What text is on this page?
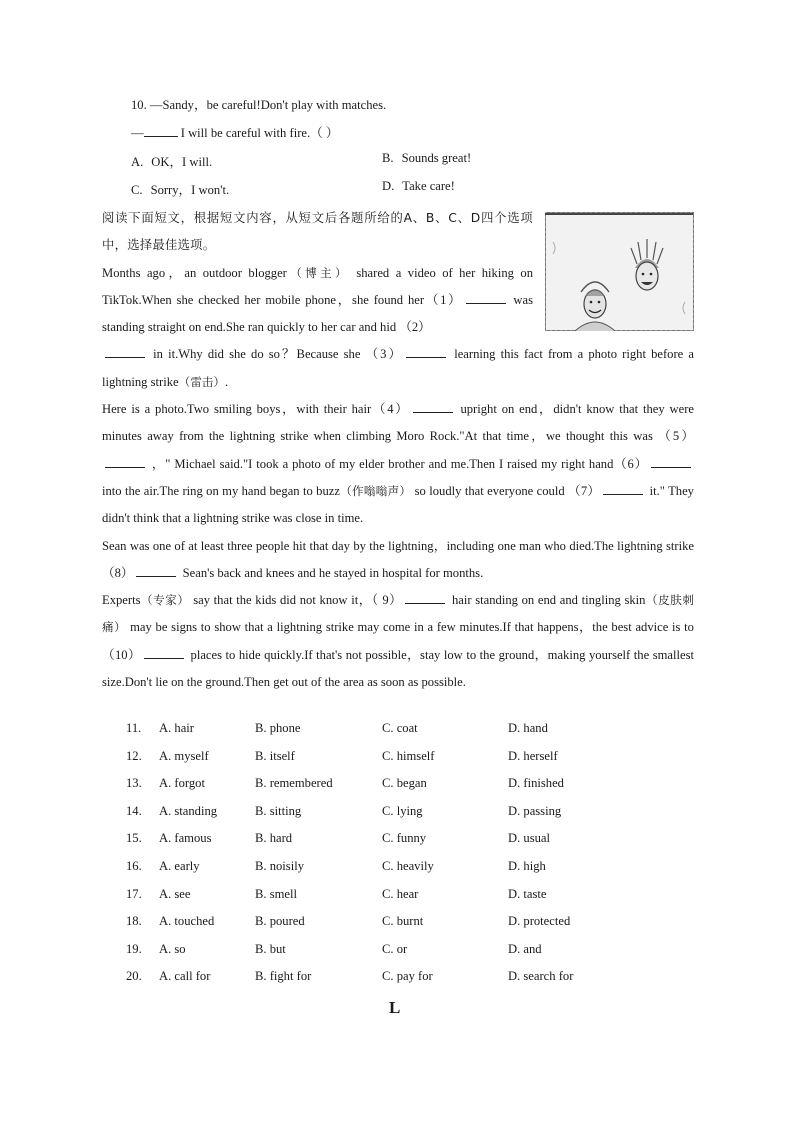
10. —Sandy，be careful!Don't play with matches.
—	I will be careful with fire.（ ）
A. OK，I will.	B. Sounds great!
C. Sorry，I won't.	D. Take care!

阅读下面短文，根据短文内容，从短文后各题所给的A、B、C、D四个选项中，选择最佳选项。

Months ago，an outdoor blogger（博主） shared a video of her hiking on TikTok.When she checked her mobile phone，she found her（1）	was standing straight on end.She ran quickly to her car and hid （2）
in it.Why did she do so？Because she （3）	learning this fact from a photo right before a lightning strike（雷击）.

Here is a photo.Two smiling boys，with their hair（4）	upright on end，didn't know that they were minutes away from the lightning strike when climbing Moro Rock."At that time，we thought this was （5） ，" Michael said."I took a photo of my elder brother and me.Then I raised my right hand（6） into the air.The ring on my hand began to buzz（作嗡嗡声） so loudly that everyone could （7）	it." They didn't think that a lightning strike was close in time.

Sean was one of at least three people hit that day by the lightning，including one man who died.The lightning strike （8）	Sean's back and knees and he stayed in hospital for months.

Experts（专家） say that the kids did not know it，（ 9）	hair standing on end and tingling skin（皮肤刺痛） may be signs to show that a lightning strike may come in a few minutes.If that happens，the best advice is to（10）	places to hide quickly.If that's not possible，stay low to the ground，making yourself the smallest size.Don't lie on the ground.Then get out of the area as soon as possible.

11. A. hair	B. phone	C. coat	D. hand
12. A. myself	B. itself	C. himself	D. herself
13. A. forgot	B. remembered	C. began	D. finished
14. A. standing	B. sitting	C. lying	D. passing
15. A. famous	B. hard	C. funny	D. usual
16. A. early	B. noisily	C. heavily	D. high
17. A. see	B. smell	C. hear	D. taste
18. A. touched	B. poured	C. burnt	D. protected
19. A. so	B. but	C. or	D. and
20. A. call for	B. fight for	C. pay for	D. search for
L
